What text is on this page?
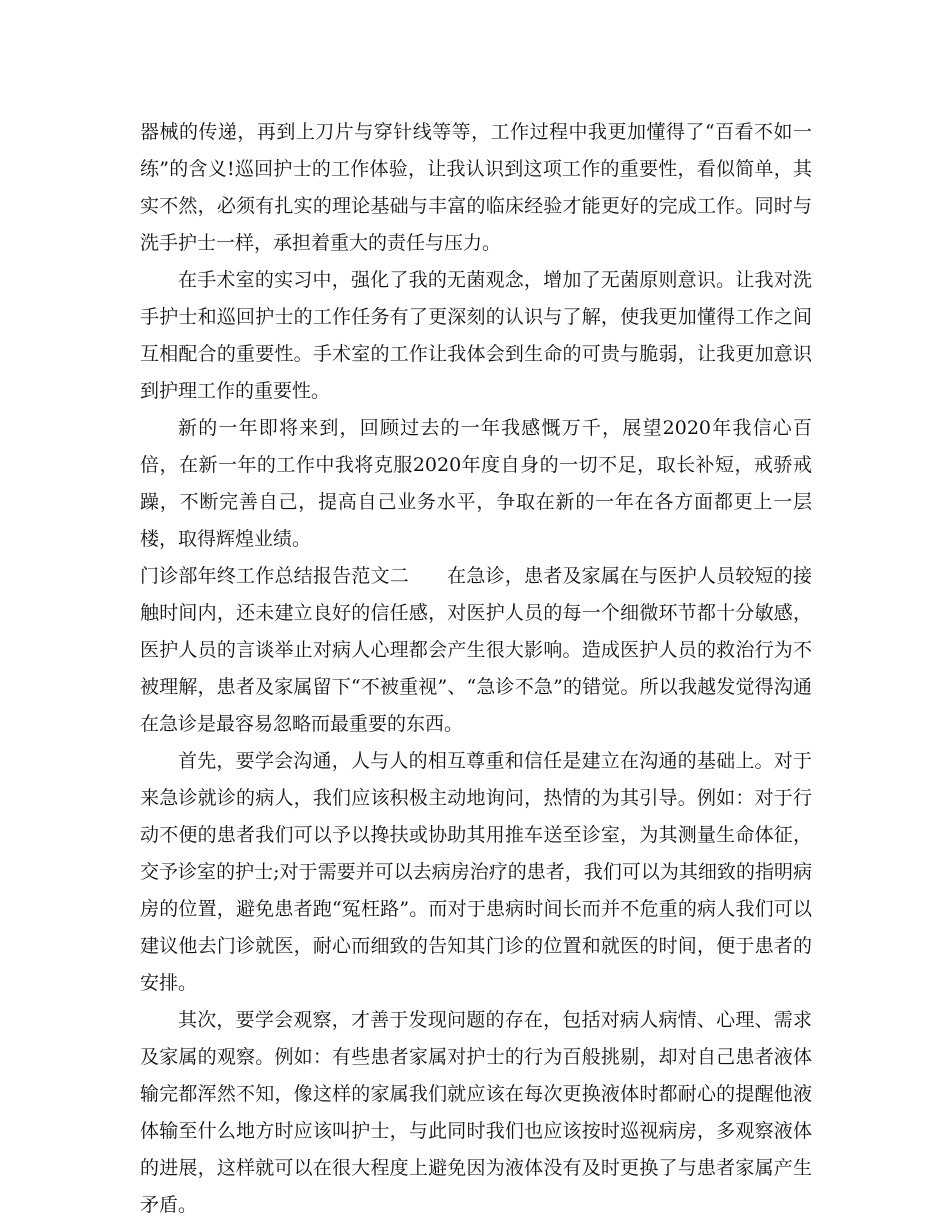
器械的传递，再到上刀片与穿针线等等，工作过程中我更加懂得了“百看不如一练”的含义!巡回护士的工作体验，让我认识到这项工作的重要性，看似简单，其实不然，必须有扎实的理论基础与丰富的临床经验才能更好的完成工作。同时与洗手护士一样，承担着重大的责任与压力。

在手术室的实习中，强化了我的无菌观念，增加了无菌原则意识。让我对洗手护士和巡回护士的工作任务有了更深刻的认识与了解，使我更加懂得工作之间互相配合的重要性。手术室的工作让我体会到生命的可贵与脆弱，让我更加意识到护理工作的重要性。

新的一年即将来到，回顾过去的一年我感慨万千，展望2020年我信心百倍，在新一年的工作中我将克服2020年度自身的一切不足，取长补短，戒骄戒躁，不断完善自己，提高自己业务水平，争取在新的一年在各方面都更上一层楼，取得辉煌业绩。

门诊部年终工作总结报告范文二 在急诊，患者及家属在与医护人员较短的接触时间内，还未建立良好的信任感，对医护人员的每一个细微环节都十分敏感，医护人员的言谈举止对病人心理都会产生很大影响。造成医护人员的救治行为不被理解，患者及家属留下“不被重视”、“急诊不急”的错觉。所以我越发觉得沟通在急诊是最容易忽略而最重要的东西。

首先，要学会沟通，人与人的相互尊重和信任是建立在沟通的基础上。对于来急诊就诊的病人，我们应该积极主动地询问，热情的为其引导。例如：对于行动不便的患者我们可以予以搀扶或协助其用推车送至诊室，为其测量生命体征，交予诊室的护士;对于需要并可以去病房治疗的患者，我们可以为其细致的指明病房的位置，避免患者跑“冤枉路”。而对于患病时间长而并不危重的病人我们可以建议他去门诊就医，耐心而细致的告知其门诊的位置和就医的时间，便于患者的安排。

其次，要学会观察，才善于发现问题的存在，包括对病人病情、心理、需求及家属的观察。例如：有些患者家属对护士的行为百般挑剔，却对自己患者液体输完都浑然不知，像这样的家属我们就应该在每次更换液体时都耐心的提醒他液体输至什么地方时应该叫护士，与此同时我们也应该按时巡视病房，多观察液体的进展，这样就可以在很大程度上避免因为液体没有及时更换了与患者家属产生矛盾。
